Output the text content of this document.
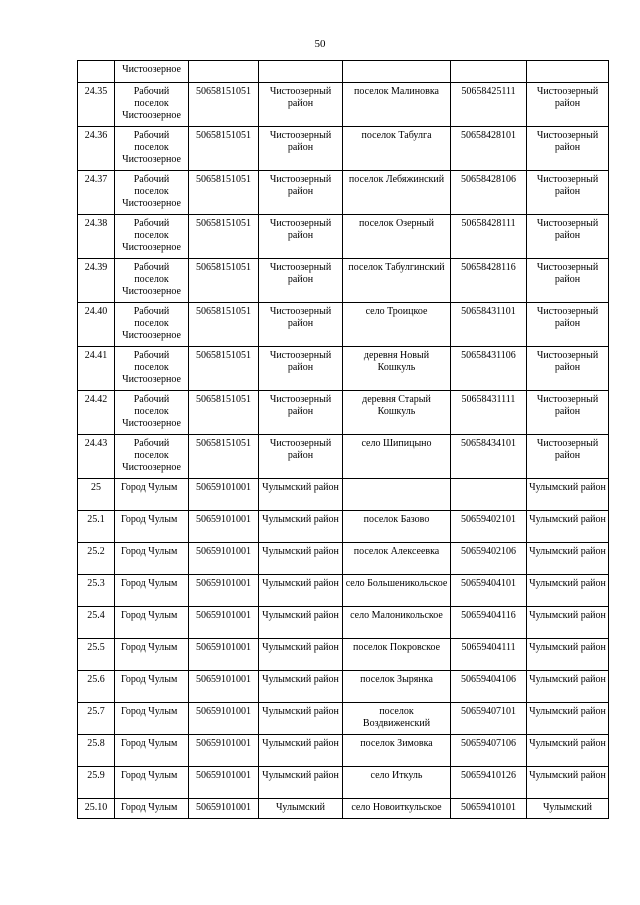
50
	Чистоозерное					
24.35	Рабочий поселок Чистоозерное	50658151051	Чистоозерный район	поселок Малиновка	50658425111	Чистоозерный район
24.36	Рабочий поселок Чистоозерное	50658151051	Чистоозерный район	поселок Табулга	50658428101	Чистоозерный район
24.37	Рабочий поселок Чистоозерное	50658151051	Чистоозерный район	поселок Лебяжинский	50658428106	Чистоозерный район
24.38	Рабочий поселок Чистоозерное	50658151051	Чистоозерный район	поселок Озерный	50658428111	Чистоозерный район
24.39	Рабочий поселок Чистоозерное	50658151051	Чистоозерный район	поселок Табулгинский	50658428116	Чистоозерный район
24.40	Рабочий поселок Чистоозерное	50658151051	Чистоозерный район	село Троицкое	50658431101	Чистоозерный район
24.41	Рабочий поселок Чистоозерное	50658151051	Чистоозерный район	деревня Новый Кошкуль	50658431106	Чистоозерный район
24.42	Рабочий поселок Чистоозерное	50658151051	Чистоозерный район	деревня Старый Кошкуль	50658431111	Чистоозерный район
24.43	Рабочий поселок Чистоозерное	50658151051	Чистоозерный район	село Шипицыно	50658434101	Чистоозерный район
25	Город Чулым	50659101001	Чулымский район			Чулымский район
25.1	Город Чулым	50659101001	Чулымский район	поселок Базово	50659402101	Чулымский район
25.2	Город Чулым	50659101001	Чулымский район	поселок Алексеевка	50659402106	Чулымский район
25.3	Город Чулым	50659101001	Чулымский район	село Большеникольское	50659404101	Чулымский район
25.4	Город Чулым	50659101001	Чулымский район	село Малоникольское	50659404116	Чулымский район
25.5	Город Чулым	50659101001	Чулымский район	поселок Покровское	50659404111	Чулымский район
25.6	Город Чулым	50659101001	Чулымский район	поселок Зырянка	50659404106	Чулымский район
25.7	Город Чулым	50659101001	Чулымский район	поселок Воздвиженский	50659407101	Чулымский район
25.8	Город Чулым	50659101001	Чулымский район	поселок Зимовка	50659407106	Чулымский район
25.9	Город Чулым	50659101001	Чулымский район	село Иткуль	50659410126	Чулымский район
25.10	Город Чулым	50659101001	Чулымский	село Новоиткульское	50659410101	Чулымский
